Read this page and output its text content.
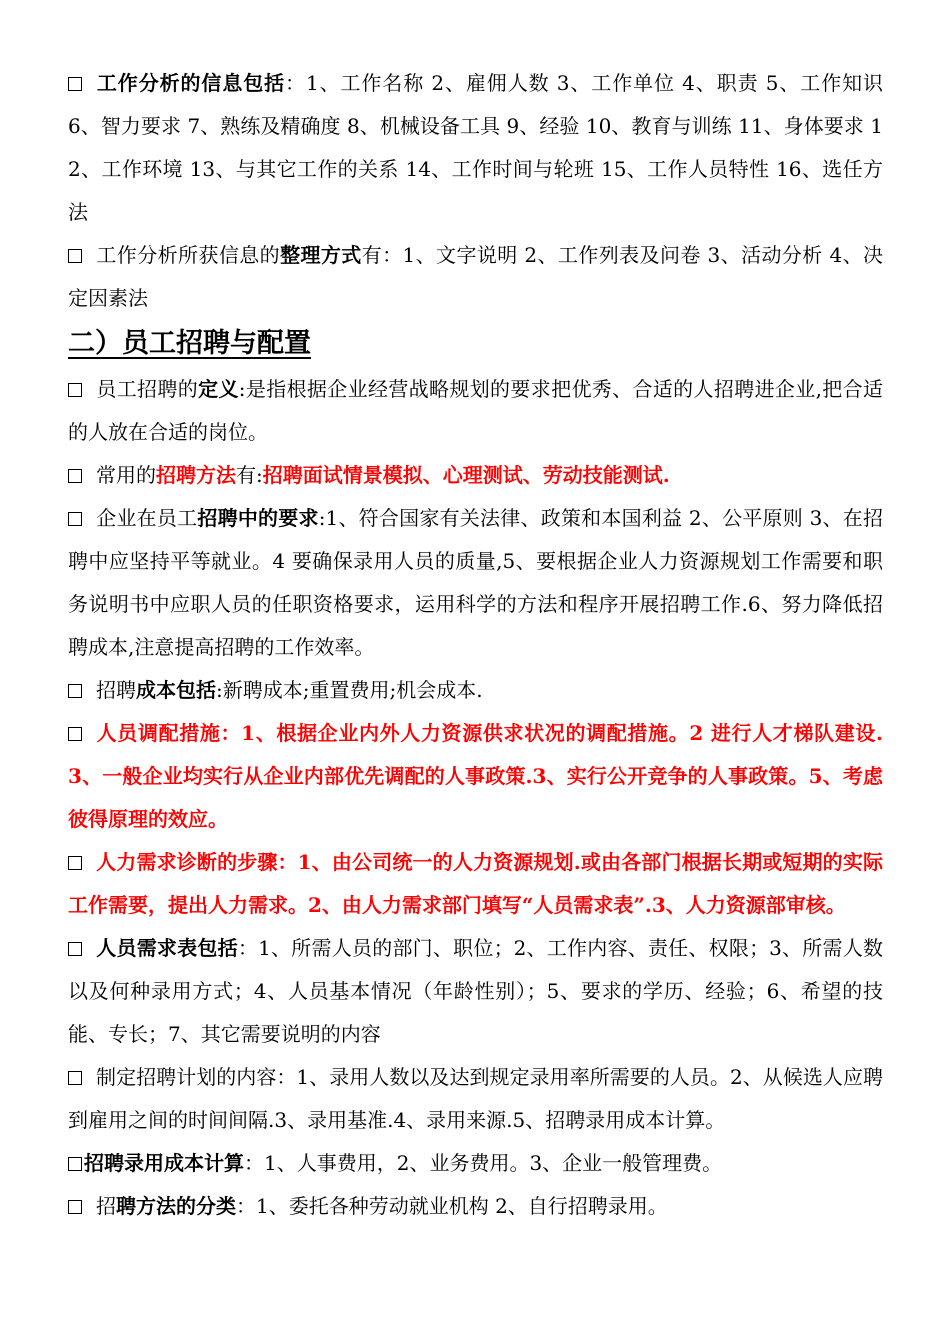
工作分析的信息包括：1、工作名称 2、雇佣人数 3、工作单位 4、职责 5、工作知识 6、智力要求 7、熟练及精确度 8、机械设备工具 9、经验 10、教育与训练 11、身体要求 12、工作环境 13、与其它工作的关系 14、工作时间与轮班 15、工作人员特性 16、选任方法

工作分析所获信息的整理方式有：1、文字说明 2、工作列表及问卷 3、活动分析 4、决定因素法

二）员工招聘与配置

员工招聘的定义:是指根据企业经营战略规划的要求把优秀、合适的人招聘进企业,把合适的人放在合适的岗位。

常用的招聘方法有:招聘面试情景模拟、心理测试、劳动技能测试.

企业在员工招聘中的要求:1、符合国家有关法律、政策和本国利益 2、公平原则 3、在招聘中应坚持平等就业。4 要确保录用人员的质量,5、要根据企业人力资源规划工作需要和职务说明书中应职人员的任职资格要求，运用科学的方法和程序开展招聘工作.6、努力降低招聘成本,注意提高招聘的工作效率。

招聘成本包括:新聘成本;重置费用;机会成本.

人员调配措施：1、根据企业内外人力资源供求状况的调配措施。2 进行人才梯队建设.3、一般企业均实行从企业内部优先调配的人事政策.3、实行公开竞争的人事政策。5、考虑彼得原理的效应。

人力需求诊断的步骤：1、由公司统一的人力资源规划.或由各部门根据长期或短期的实际工作需要，提出人力需求。2、由人力需求部门填写“人员需求表”.3、人力资源部审核。

人员需求表包括：1、所需人员的部门、职位；2、工作内容、责任、权限；3、所需人数以及何种录用方式；4、人员基本情况（年龄性别）；5、要求的学历、经验；6、希望的技能、专长；7、其它需要说明的内容

制定招聘计划的内容：1、录用人数以及达到规定录用率所需要的人员。2、从候选人应聘到雇用之间的时间间隔.3、录用基准.4、录用来源.5、招聘录用成本计算。

招聘录用成本计算：1、人事费用，2、业务费用。3、企业一般管理费。

招聘方法的分类：1、委托各种劳动就业机构 2、自行招聘录用。
